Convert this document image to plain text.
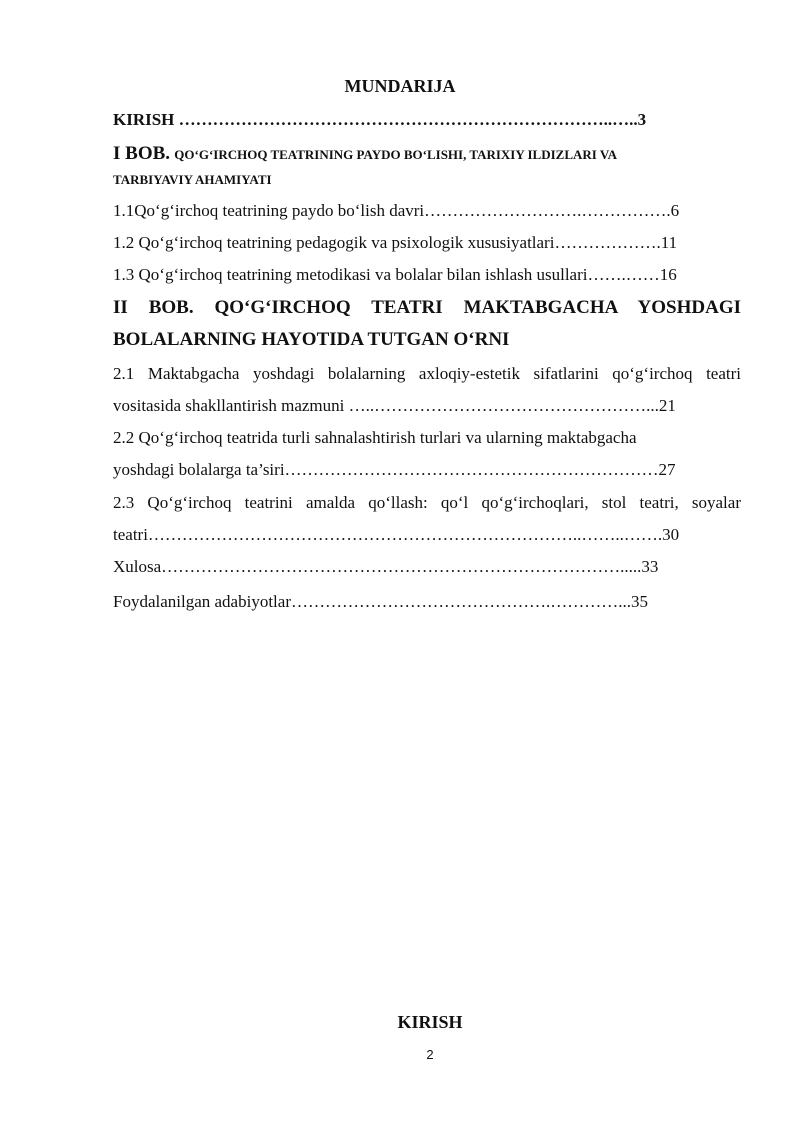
MUNDARIJA
KIRISH …………………………………………………………………..…..3
I BOB. QO‘G‘IRCHOQ TEATRINING PAYDO BO‘LISHI, TARIXIY ILDIZLARI VA
TARBIYAVIY AHAMIYATI
1.1Qo‘g‘irchoq teatrining paydo bo‘lish davri……………………….…………….6
1.2 Qo‘g‘irchoq teatrining pedagogik va psixologik xususiyatlari……………….11
1.3 Qo‘g‘irchoq teatrining metodikasi va bolalar bilan ishlash usullari…….……16
II BOB. QO‘G‘IRCHOQ TEATRI MAKTABGACHA YOSHDAGI
BOLALARNING HAYOTIDA TUTGAN O‘RNI
2.1 Maktabgacha yoshdagi bolalarning axloqiy-estetik sifatlarini qo‘g‘irchoq teatri
vositasida shakllantirish mazmuni …..…………………………………………...21
2.2 Qo‘g‘irchoq teatrida turli sahnalashtirish turlari va ularning maktabgacha
yoshdagi bolalarga ta’siri…………………………………………………………27
2.3 Qo‘g‘irchoq teatrini amalda qo‘llash: qo‘l qo‘g‘irchoqlari, stol teatri, soyalar
teatri…………………………………………………………………..……..…….30
Xulosa……………………………………………………………………….....33
Foydalanilgan adabiyotlar……………………………………….…………...35
KIRISH
2
